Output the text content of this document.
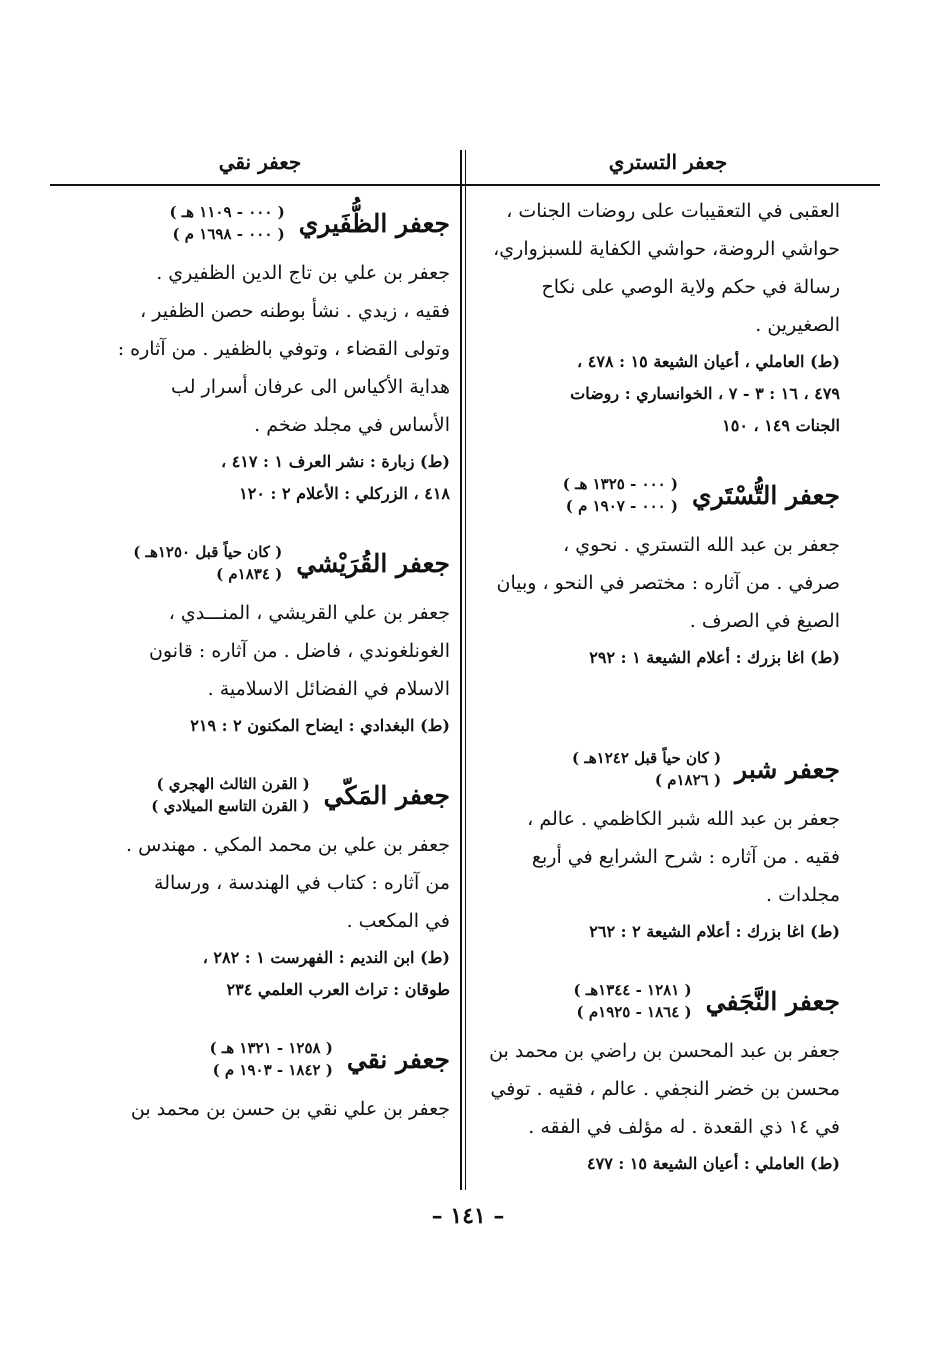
جعفر التستري
جعفر نقي

العقبى في التعقيبات على روضات الجنات ،

حواشي الروضة، حواشي الكفاية للسبزواري،

رسالة في حكم ولاية الوصي على نكاح

الصغيرين .

(ط) العاملي ، أعيان الشيعة ١٥ : ٤٧٨ ،

٤٧٩ ، ١٦ : ٣ - ٧ ، الخوانساري : روضات

الجنات ١٤٩ ، ١٥٠

جعفر التُّسْتَري
( ٠٠٠ - ١٣٢٥ هـ )
( ٠٠٠ - ١٩٠٧ م )

جعفر بن عبد الله التستري . نحوي ،

صرفي . من آثاره : مختصر في النحو ، وبيان

الصيغ في الصرف .

(ط) اغا بزرك : أعلام الشيعة ١ : ٢٩٢

جعفر شبر
( كان حياً قبل ١٢٤٢هـ )
( ١٨٢٦م )

جعفر بن عبد الله شبر الكاظمي . عالم ،

فقيه . من آثاره : شرح الشرايع في أربع

مجلدات .

(ط) اغا بزرك : أعلام الشيعة ٢ : ٢٦٢

جعفر النَّجَفي
( ١٢٨١ - ١٣٤٤هـ )
( ١٨٦٤ - ١٩٢٥م )

جعفر بن عبد المحسن بن راضي بن محمد بن

محسن بن خضر النجفي . عالم ، فقيه . توفي

في ١٤ ذي القعدة . له مؤلف في الفقه .

(ط) العاملي : أعيان الشيعة ١٥ : ٤٧٧

جعفر الظُّفَيري
( ٠٠٠ - ١١٠٩ هـ )
( ٠٠٠ - ١٦٩٨ م )

جعفر بن علي بن تاج الدين الظفيري .

فقيه ، زيدي . نشأ بوطنه حصن الظفير ،

وتولى القضاء ، وتوفي بالظفير . من آثاره :

هداية الأكياس الى عرفان أسرار لب

الأساس في مجلد ضخم .

(ط) زبارة : نشر العرف ١ : ٤١٧ ،

٤١٨ ، الزركلي : الأعلام ٢ : ١٢٠

جعفر القُرَيْشي
( كان حياً قبل ١٢٥٠هـ )
( ١٨٣٤م )

جعفر بن علي القريشي ، المنـــدي ،

الغونلغوندي ، فاضل . من آثاره : قانون

الاسلام في الفضائل الاسلامية .

(ط) البغدادي : ايضاح المكنون ٢ : ٢١٩

جعفر المَكّي
( القرن الثالث الهجري )
( القرن التاسع الميلادي )

جعفر بن علي بن محمد المكي . مهندس .

من آثاره : كتاب في الهندسة ، ورسالة

في المكعب .

(ط) ابن النديم : الفهرست ١ : ٢٨٢ ،

طوقان : تراث العرب العلمي ٢٣٤

جعفر نقي
( ١٢٥٨ - ١٣٢١ هـ )
( ١٨٤٢ - ١٩٠٣ م )

جعفر بن علي نقي بن حسن بن محمد بن

– ١٤١ –
